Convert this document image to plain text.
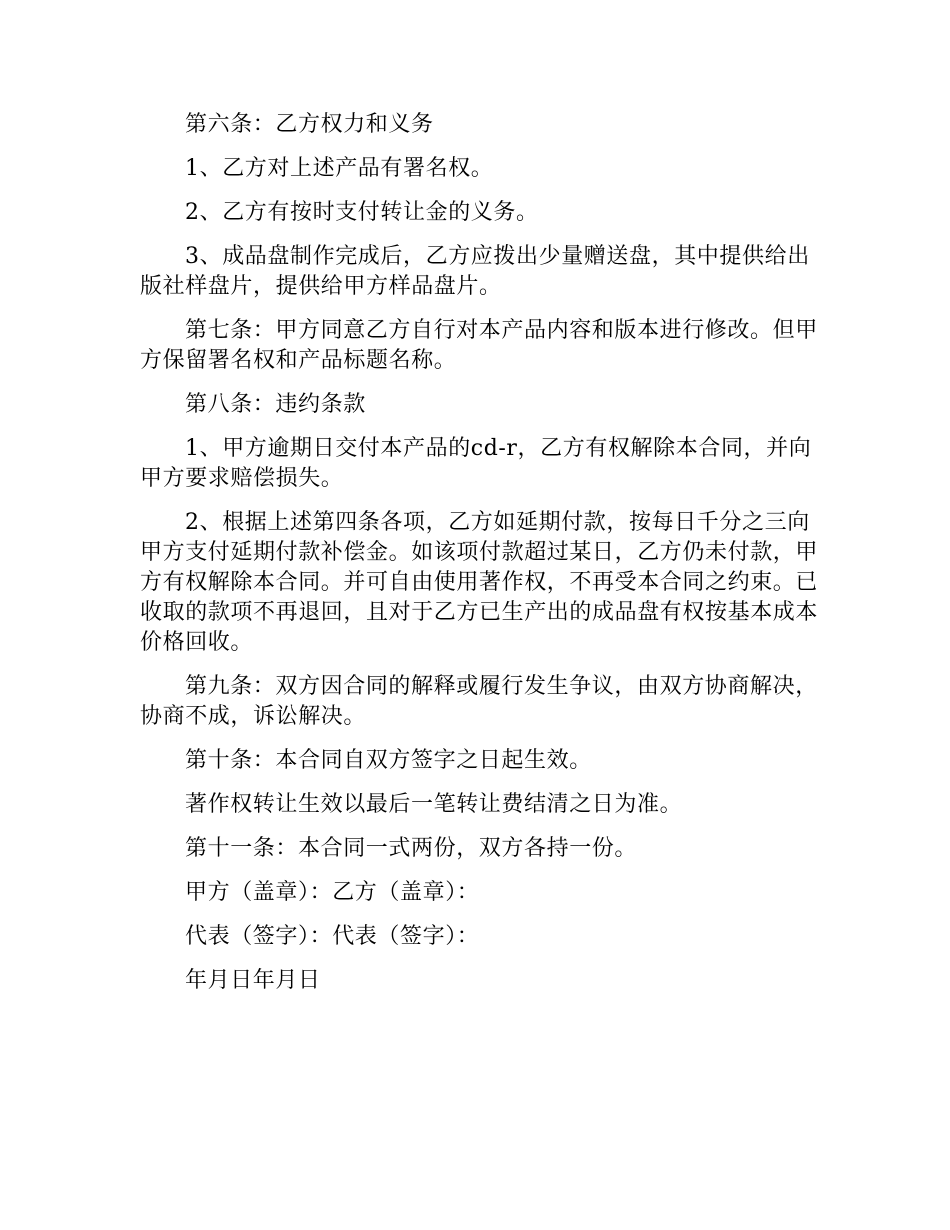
第六条：乙方权力和义务

1、乙方对上述产品有署名权。

2、乙方有按时支付转让金的义务。

3、成品盘制作完成后，乙方应拨出少量赠送盘，其中提供给出版社样盘片，提供给甲方样品盘片。

第七条：甲方同意乙方自行对本产品内容和版本进行修改。但甲方保留署名权和产品标题名称。

第八条：违约条款

1、甲方逾期日交付本产品的cd-r，乙方有权解除本合同，并向甲方要求赔偿损失。

2、根据上述第四条各项，乙方如延期付款，按每日千分之三向甲方支付延期付款补偿金。如该项付款超过某日，乙方仍未付款，甲方有权解除本合同。并可自由使用著作权，不再受本合同之约束。已收取的款项不再退回，且对于乙方已生产出的成品盘有权按基本成本价格回收。

第九条：双方因合同的解释或履行发生争议，由双方协商解决，协商不成，诉讼解决。

第十条：本合同自双方签字之日起生效。

著作权转让生效以最后一笔转让费结清之日为准。

第十一条：本合同一式两份，双方各持一份。

甲方（盖章）：乙方（盖章）：

代表（签字）：代表（签字）：

年月日年月日
